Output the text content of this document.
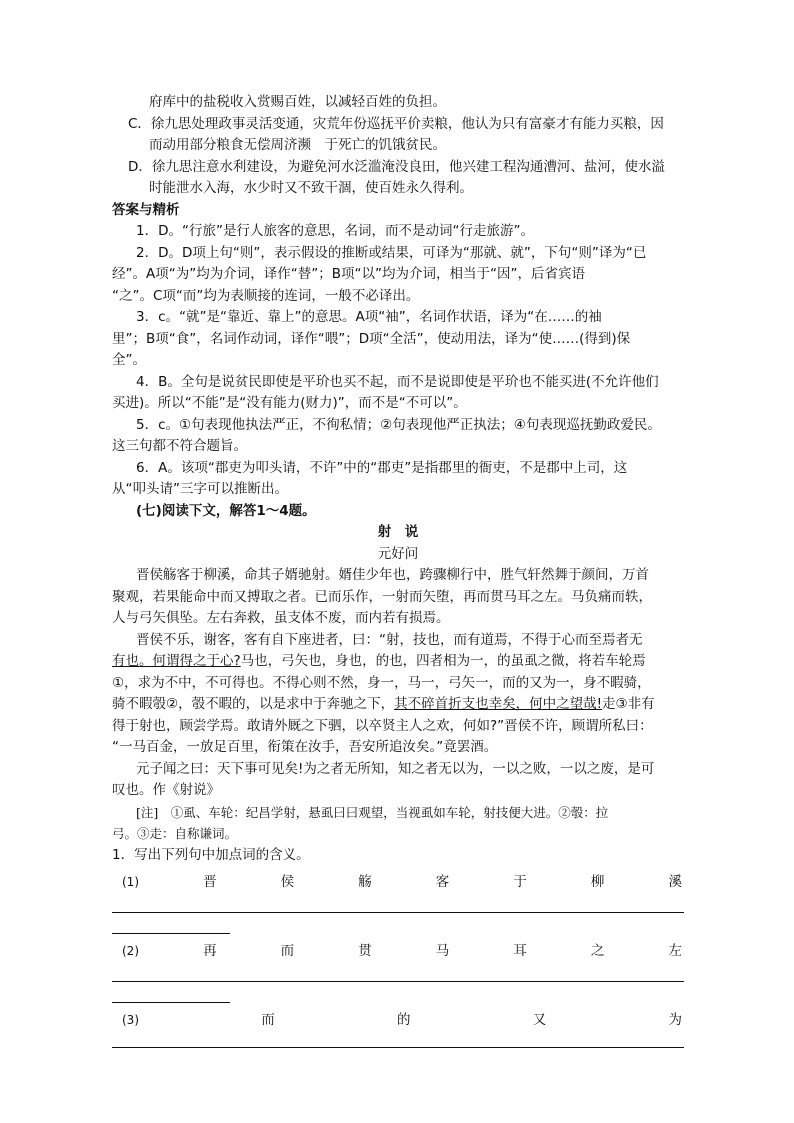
府库中的盐税收入赏赐百姓，以减轻百姓的负担。
C．徐九思处理政事灵活变通，灾荒年份巡抚平价卖粮，他认为只有富豪才有能力买粮，因
而动用部分粮食无偿周济濒　于死亡的饥饿贫民。
D．徐九思注意水利建设，为避免河水泛滥淹没良田，他兴建工程沟通漕河、盐河，使水溢
时能泄水入海，水少时又不致干涸，使百姓永久得利。
答案与精析
1．D。“行旅”是行人旅客的意思，名词，而不是动词“行走旅游”。
2．D。D项上句“则”，表示假设的推断或结果，可译为“那就、就”，下句“则”译为“已
经”。A项“为”均为介词，译作“替”；B项“以”均为介词，相当于“因”，后省宾语
“之”。C项“而”均为表顺接的连词，一般不必译出。
3．c。“就”是“靠近、靠上”的意思。A项“袖”，名词作状语，译为“在……的袖
里”；B项“食”，名词作动词，译作“喂”；D项“全活”，使动用法，译为“使……(得到)保
全”。
4．B。全句是说贫民即使是平玠也买不起，而不是说即使是平玠也不能买进(不允许他们
买进)。所以“不能”是“没有能力(财力)”，而不是“不可以”。
5．c。①句表现他执法严正，不徇私情；②句表现他严正执法；④句表现巡抚勤政爱民。
这三句都不符合题旨。
6．A。该项“郡吏为叩头请，不许”中的“郡吏”是指郡里的衙吏，不是郡中上司，这
从“叩头请”三字可以推断出。
(七)阅读下文，解答1～4题。
射　说
元好问
晋侯觞客于柳溪，命其子婿驰射。婿佳少年也，跨骤柳行中，胜气轩然舞于颜间，万首
聚观，若果能命中而又搏取之者。已而乐作，一射而矢堕，再而贯马耳之左。马负痛而轶，
人与弓矢俱坠。左右奔救，虽支体不废，而内若有损焉。
晋侯不乐，谢客，客有自下座进者，曰：“射，技也，而有道焉，不得于心而至焉者无
有也。何谓得之于心?马也，弓矢也，身也，的也，四者相为一，的虽虱之微，将若车轮焉
①，求为不中，不可得也。不得心则不然，身一，马一，弓矢一，而的又为一，身不暇骑，
骑不暇彀②，彀不暇的，以是求中于奔驰之下，其不碎首折支也幸矣，何中之望哉!走③非有
得于射也，顾尝学焉。敢请外厩之下驷，以卒贤主人之欢，何如?”晋侯不许，顾谓所私曰：
“一马百金，一放足百里，衔策在汝手，吾安所追汝矣。”竟罢酒。
元子闻之曰：天下事可见矣!为之者无所知，知之者无以为，一以之败，一以之废，是可
叹也。作《射说》
[注]　①虱、车轮：纪昌学射，悬虱曰曰观望，当视虱如车轮，射技便大进。②彀：拉
弓。③走：自称谦词。
1．写出下列句中加点词的含义。
(1)	晋	侯	觞	客	于	柳	溪
(2)	再	而	贯	马	耳	之	左
(3)	而	的	又	为
